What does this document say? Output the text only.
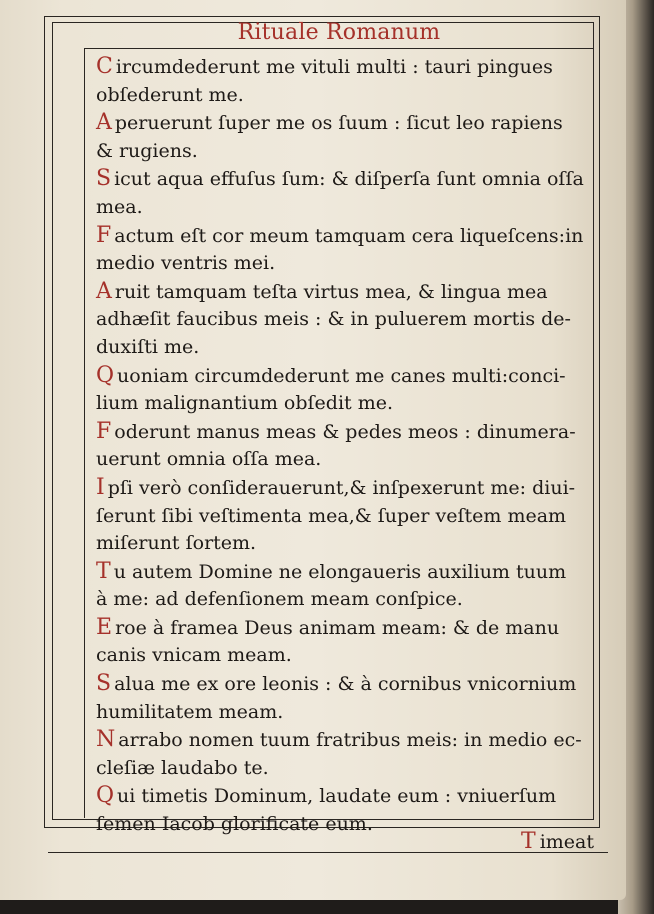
Rituale Romanum

C ircumdederunt me vituli multi : tauri pingues
obſederunt me.

A peruerunt ſuper me os ſuum : ſicut leo rapiens
& rugiens.

S icut aqua effuſus ſum: & diſperſa ſunt omnia oſſa
mea.

F actum eſt cor meum tamquam cera liqueſcens:in
medio ventris mei.

A ruit tamquam teſta virtus mea, & lingua mea
adhæſit faucibus meis : & in puluerem mortis de-
duxiſti me.

Q uoniam circumdederunt me canes multi:conci-
lium malignantium obſedit me.

F oderunt manus meas & pedes meos : dinumera-
uerunt omnia oſſa mea.

I pſi verò conſiderauerunt,& inſpexerunt me: diui-
ſerunt ſibi veſtimenta mea,& ſuper veſtem meam
miſerunt ſortem.

T u autem Domine ne elongaueris auxilium tuum
à me: ad defenſionem meam conſpice.

E roe à framea Deus animam meam: & de manu
canis vnicam meam.

S alua me ex ore leonis : & à cornibus vnicornium
humilitatem meam.

N arrabo nomen tuum fratribus meis: in medio ec-
cleſiæ laudabo te.

Q ui timetis Dominum, laudate eum : vniuerſum
ſemen Iacob glorificate eum.

T imeat
